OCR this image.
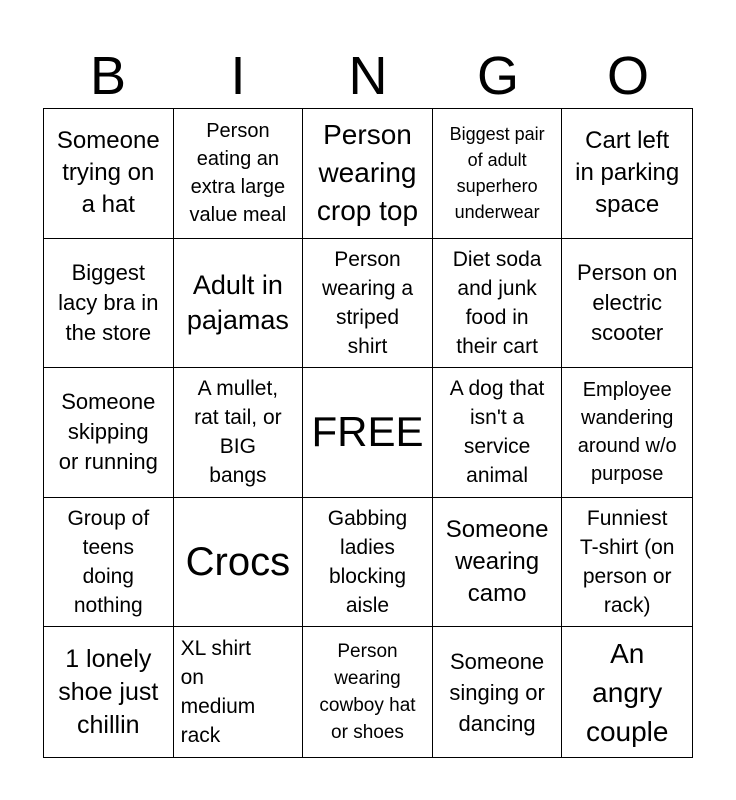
B	I	N	G	O
Someone
trying on
a hat
Person
eating an
extra large
value meal
Person
wearing
crop top
Biggest pair
of adult
superhero
underwear
Cart left
in parking
space
Biggest
lacy bra in
the store
Adult in
pajamas
Person
wearing a
striped
shirt
Diet soda
and junk
food in
their cart
Person on
electric
scooter
Someone
skipping
or running
A mullet,
rat tail, or
BIG
bangs
FREE
A dog that
isn't a
service
animal
Employee
wandering
around w/o
purpose
Group of
teens
doing
nothing
Crocs
Gabbing
ladies
blocking
aisle
Someone
wearing
camo
Funniest
T-shirt (on
person or
rack)
1 lonely
shoe just
chillin
XL shirt
on
medium
rack
Person
wearing
cowboy hat
or shoes
Someone
singing or
dancing
An
angry
couple
